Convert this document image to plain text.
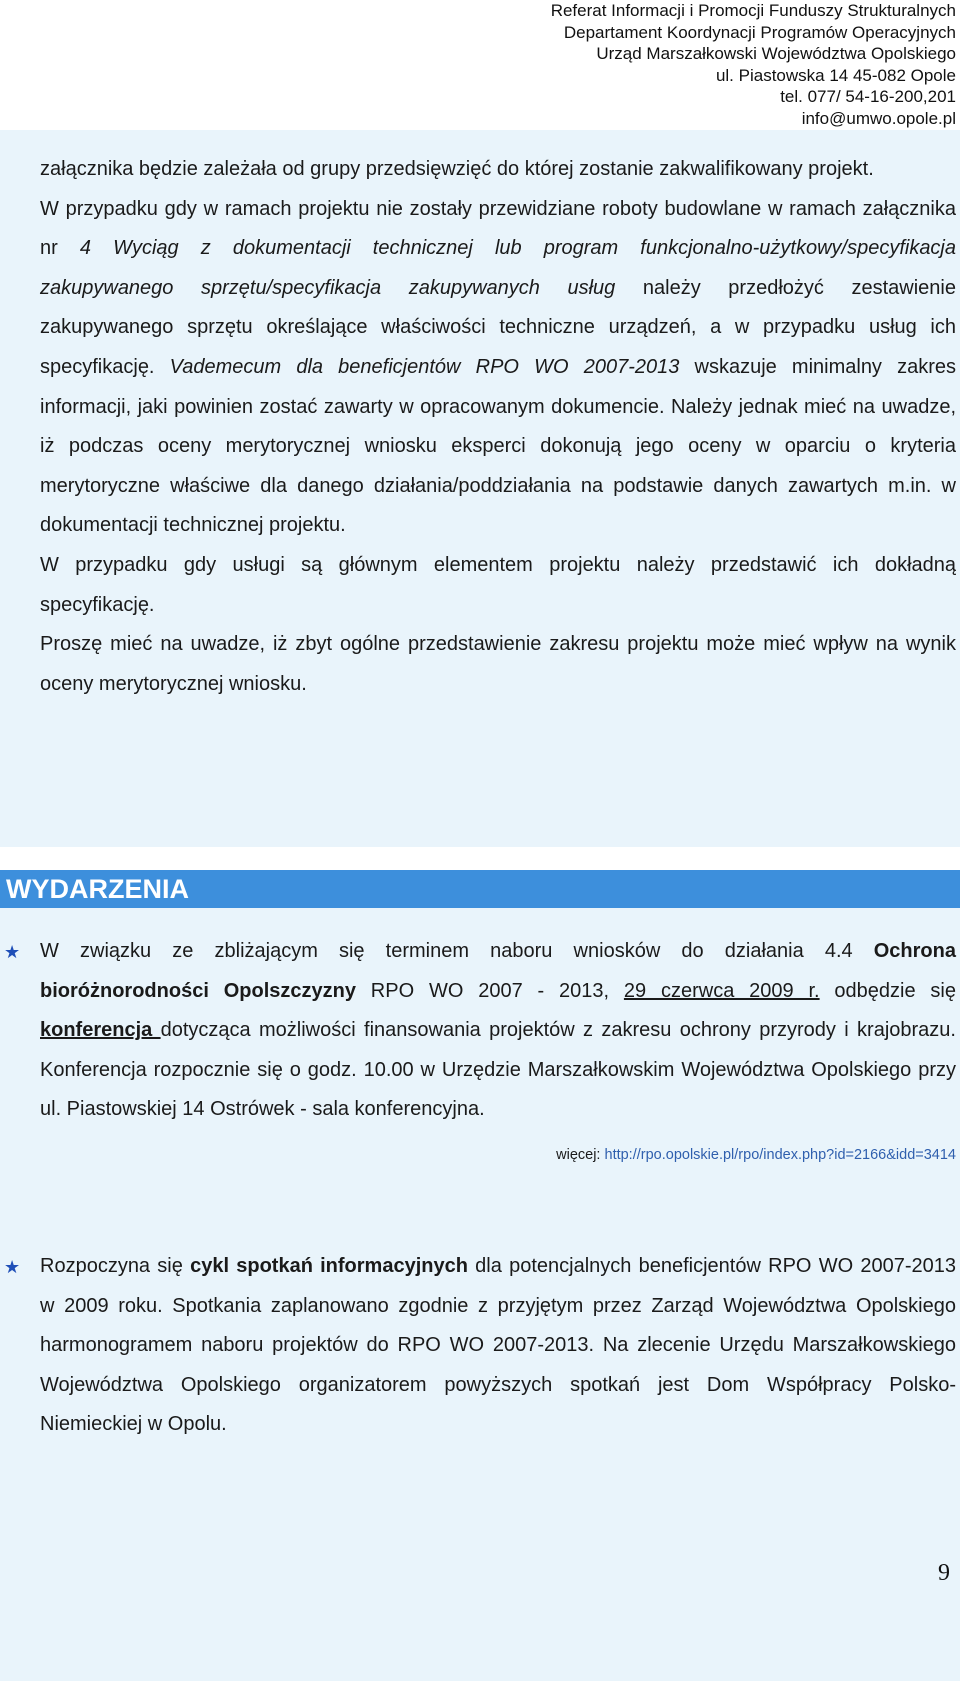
Referat Informacji i Promocji Funduszy Strukturalnych
Departament Koordynacji Programów Operacyjnych
Urząd Marszałkowski Województwa Opolskiego
ul. Piastowska 14 45-082 Opole
tel. 077/ 54-16-200,201
info@umwo.opole.pl

załącznika będzie zależała od grupy przedsięwzięć do której zostanie zakwalifikowany projekt.

W przypadku gdy w ramach projektu nie zostały przewidziane roboty budowlane w ramach załącznika nr 4 Wyciąg z dokumentacji technicznej lub program funkcjonalno-użytkowy/specyfikacja zakupywanego sprzętu/specyfikacja zakupywanych usług należy przedłożyć zestawienie zakupywanego sprzętu określające właściwości techniczne urządzeń, a w przypadku usług ich specyfikację. Vademecum dla beneficjentów RPO WO 2007-2013 wskazuje minimalny zakres informacji, jaki powinien zostać zawarty w opracowanym dokumencie. Należy jednak mieć na uwadze, iż podczas oceny merytorycznej wniosku eksperci dokonują jego oceny w oparciu o kryteria merytoryczne właściwe dla danego działania/poddziałania na podstawie danych zawartych m.in. w dokumentacji technicznej projektu.

W przypadku gdy usługi są głównym elementem projektu należy przedstawić ich dokładną specyfikację.

Proszę mieć na uwadze, iż zbyt ogólne przedstawienie zakresu projektu może mieć wpływ na wynik oceny merytorycznej wniosku.

WYDARZENIA
★ W związku ze zbliżającym się terminem naboru wniosków do działania 4.4 Ochrona bioróżnorodności Opolszczyzny RPO WO 2007 - 2013, 29 czerwca 2009 r. odbędzie się konferencja dotycząca możliwości finansowania projektów z zakresu ochrony przyrody i krajobrazu. Konferencja rozpocznie się o godz. 10.00 w Urzędzie Marszałkowskim Województwa Opolskiego przy ul. Piastowskiej 14 Ostrówek - sala konferencyjna.
więcej: http://rpo.opolskie.pl/rpo/index.php?id=2166&idd=3414
★ Rozpoczyna się cykl spotkań informacyjnych dla potencjalnych beneficjentów RPO WO 2007-2013 w 2009 roku. Spotkania zaplanowano zgodnie z przyjętym przez Zarząd Województwa Opolskiego harmonogramem naboru projektów do RPO WO 2007-2013. Na zlecenie Urzędu Marszałkowskiego Województwa Opolskiego organizatorem powyższych spotkań jest Dom Współpracy Polsko-Niemieckiej w Opolu.
9
